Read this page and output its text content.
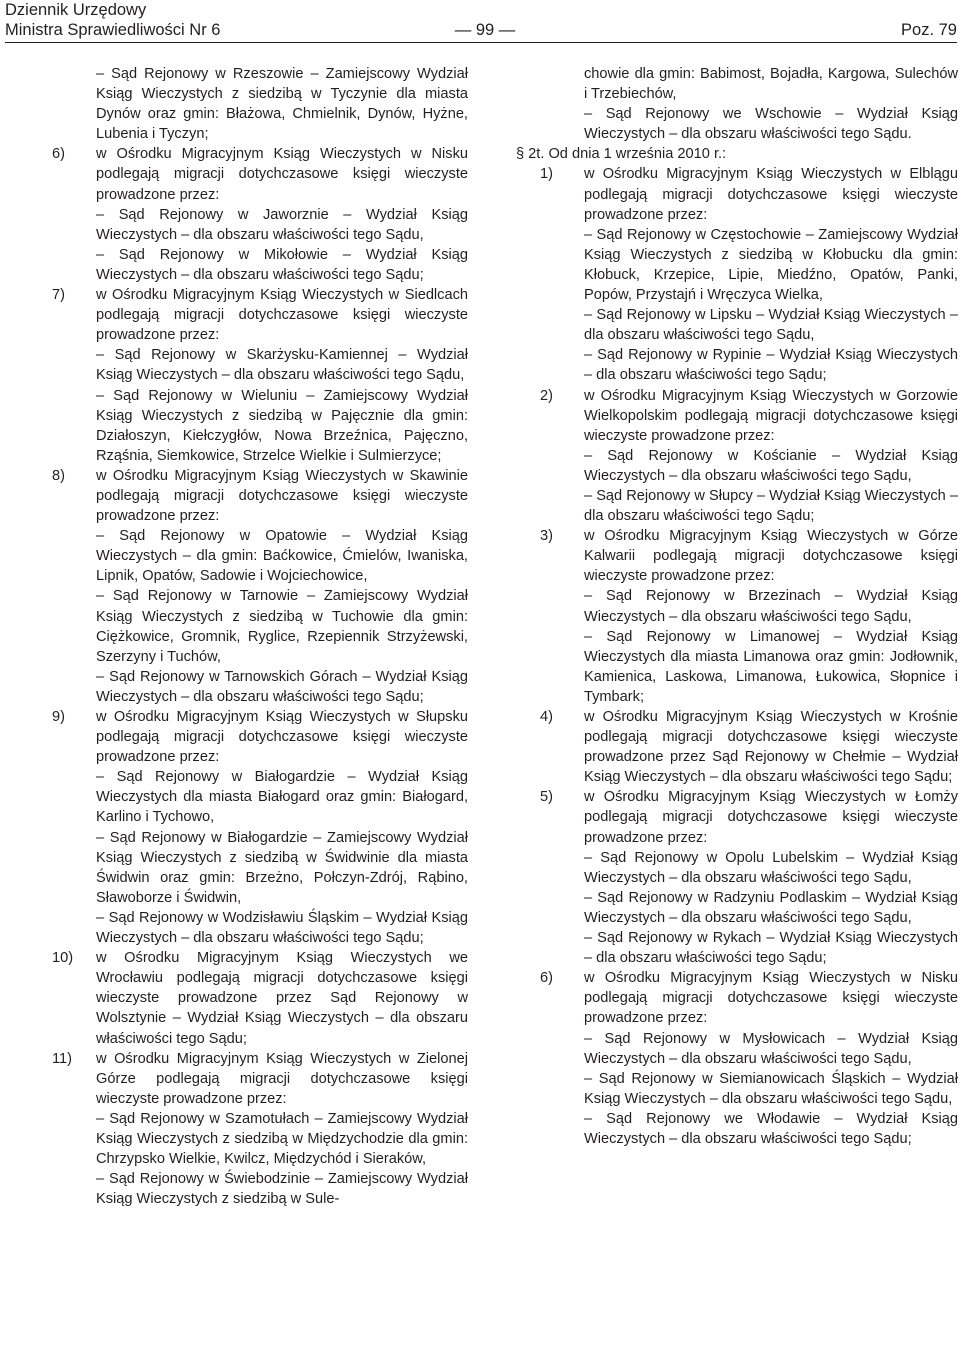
Dziennik Urzędowy
Ministra Sprawiedliwości Nr 6	— 99 —	Poz. 79

– Sąd Rejonowy w Rzeszowie – Zamiejscowy Wydział Ksiąg Wieczystych z siedzibą w Tyczynie dla miasta Dynów oraz gmin: Błażowa, Chmielnik, Dynów, Hyżne, Lubenia i Tyczyn;

6)	w Ośrodku Migracyjnym Ksiąg Wieczystych w Nisku podlegają migracji dotychczasowe księgi wieczyste prowadzone przez:

– Sąd Rejonowy w Jaworznie – Wydział Ksiąg Wieczystych – dla obszaru właściwości tego Sądu,

– Sąd Rejonowy w Mikołowie – Wydział Ksiąg Wieczystych – dla obszaru właściwości tego Sądu;

7)	w Ośrodku Migracyjnym Ksiąg Wieczystych w Siedlcach podlegają migracji dotychczasowe księgi wieczyste prowadzone przez:

– Sąd Rejonowy w Skarżysku-Kamiennej – Wydział Ksiąg Wieczystych – dla obszaru właściwości tego Sądu,

– Sąd Rejonowy w Wieluniu – Zamiejscowy Wydział Ksiąg Wieczystych z siedzibą w Pajęcznie dla gmin: Działoszyn, Kiełczygłów, Nowa Brzeźnica, Pajęczno, Rząśnia, Siemkowice, Strzelce Wielkie i Sulmierzyce;

8)	w Ośrodku Migracyjnym Ksiąg Wieczystych w Skawinie podlegają migracji dotychczasowe księgi wieczyste prowadzone przez:

– Sąd Rejonowy w Opatowie – Wydział Ksiąg Wieczystych – dla gmin: Baćkowice, Ćmielów, Iwaniska, Lipnik, Opatów, Sadowie i Wojciechowice,

– Sąd Rejonowy w Tarnowie – Zamiejscowy Wydział Ksiąg Wieczystych z siedzibą w Tuchowie dla gmin: Ciężkowice, Gromnik, Ryglice, Rzepiennik Strzyżewski, Szerzyny i Tuchów,

– Sąd Rejonowy w Tarnowskich Górach – Wydział Ksiąg Wieczystych – dla obszaru właściwości tego Sądu;

9)	w Ośrodku Migracyjnym Ksiąg Wieczystych w Słupsku podlegają migracji dotychczasowe księgi wieczyste prowadzone przez:

– Sąd Rejonowy w Białogardzie – Wydział Ksiąg Wieczystych dla miasta Białogard oraz gmin: Białogard, Karlino i Tychowo,

– Sąd Rejonowy w Białogardzie – Zamiejscowy Wydział Ksiąg Wieczystych z siedzibą w Świdwinie dla miasta Świdwin oraz gmin: Brzeżno, Połczyn-Zdrój, Rąbino, Sławoborze i Świdwin,

– Sąd Rejonowy w Wodzisławiu Śląskim – Wydział Ksiąg Wieczystych – dla obszaru właściwości tego Sądu;

10)	w Ośrodku Migracyjnym Ksiąg Wieczystych we Wrocławiu podlegają migracji dotychczasowe księgi wieczyste prowadzone przez Sąd Rejonowy w Wolsztynie – Wydział Ksiąg Wieczystych – dla obszaru właściwości tego Sądu;

11)	w Ośrodku Migracyjnym Ksiąg Wieczystych w Zielonej Górze podlegają migracji dotychczasowe księgi wieczyste prowadzone przez:

– Sąd Rejonowy w Szamotułach – Zamiejscowy Wydział Ksiąg Wieczystych z siedzibą w Międzychodzie dla gmin: Chrzypsko Wielkie, Kwilcz, Międzychód i Sieraków,

– Sąd Rejonowy w Świebodzinie – Zamiejscowy Wydział Ksiąg Wieczystych z siedzibą w Sule-

chowie dla gmin: Babimost, Bojadła, Kargowa, Sulechów i Trzebiechów,

– Sąd Rejonowy we Wschowie – Wydział Ksiąg Wieczystych – dla obszaru właściwości tego Sądu.

§ 2t. Od dnia 1 września 2010 r.:

1)	w Ośrodku Migracyjnym Ksiąg Wieczystych w Elblągu podlegają migracji dotychczasowe księgi wieczyste prowadzone przez:

– Sąd Rejonowy w Częstochowie – Zamiejscowy Wydział Ksiąg Wieczystych z siedzibą w Kłobucku dla gmin: Kłobuck, Krzepice, Lipie, Miedźno, Opatów, Panki, Popów, Przystajń i Wręczyca Wielka,

– Sąd Rejonowy w Lipsku – Wydział Ksiąg Wieczystych – dla obszaru właściwości tego Sądu,

– Sąd Rejonowy w Rypinie – Wydział Ksiąg Wieczystych – dla obszaru właściwości tego Sądu;

2)	w Ośrodku Migracyjnym Ksiąg Wieczystych w Gorzowie Wielkopolskim podlegają migracji dotychczasowe księgi wieczyste prowadzone przez:

– Sąd Rejonowy w Kościanie – Wydział Ksiąg Wieczystych – dla obszaru właściwości tego Sądu,

– Sąd Rejonowy w Słupcy – Wydział Ksiąg Wieczystych – dla obszaru właściwości tego Sądu;

3)	w Ośrodku Migracyjnym Ksiąg Wieczystych w Górze Kalwarii podlegają migracji dotychczasowe księgi wieczyste prowadzone przez:

– Sąd Rejonowy w Brzezinach – Wydział Ksiąg Wieczystych – dla obszaru właściwości tego Sądu,

– Sąd Rejonowy w Limanowej – Wydział Ksiąg Wieczystych dla miasta Limanowa oraz gmin: Jodłownik, Kamienica, Laskowa, Limanowa, Łukowica, Słopnice i Tymbark;

4)	w Ośrodku Migracyjnym Ksiąg Wieczystych w Krośnie podlegają migracji dotychczasowe księgi wieczyste prowadzone przez Sąd Rejonowy w Chełmie – Wydział Ksiąg Wieczystych – dla obszaru właściwości tego Sądu;

5)	w Ośrodku Migracyjnym Ksiąg Wieczystych w Łomży podlegają migracji dotychczasowe księgi wieczyste prowadzone przez:

– Sąd Rejonowy w Opolu Lubelskim – Wydział Ksiąg Wieczystych – dla obszaru właściwości tego Sądu,

– Sąd Rejonowy w Radzyniu Podlaskim – Wydział Ksiąg Wieczystych – dla obszaru właściwości tego Sądu,

– Sąd Rejonowy w Rykach – Wydział Ksiąg Wieczystych – dla obszaru właściwości tego Sądu;

6)	w Ośrodku Migracyjnym Ksiąg Wieczystych w Nisku podlegają migracji dotychczasowe księgi wieczyste prowadzone przez:

– Sąd Rejonowy w Mysłowicach – Wydział Ksiąg Wieczystych – dla obszaru właściwości tego Sądu,

– Sąd Rejonowy w Siemianowicach Śląskich – Wydział Ksiąg Wieczystych – dla obszaru właściwości tego Sądu,

– Sąd Rejonowy we Włodawie – Wydział Ksiąg Wieczystych – dla obszaru właściwości tego Sądu;
